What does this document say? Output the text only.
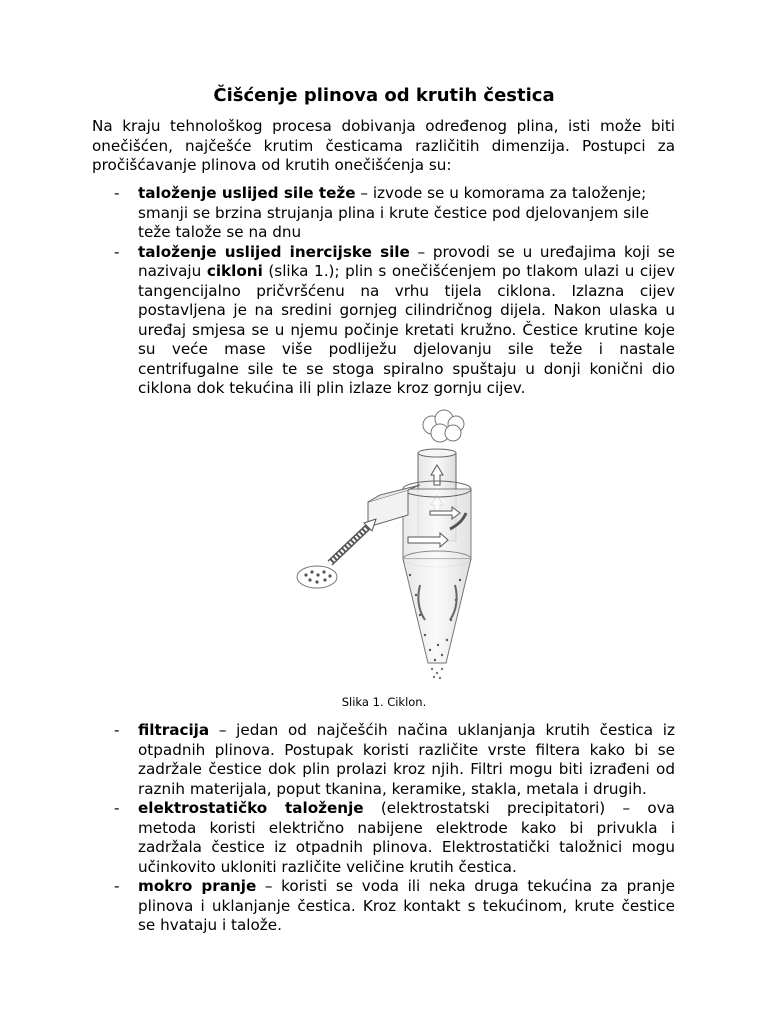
Čišćenje plinova od krutih čestica

Na kraju tehnološkog procesa dobivanja određenog plina, isti može biti onečišćen, najčešće krutim česticama različitih dimenzija. Postupci za pročišćavanje plinova od krutih onečišćenja su:

- taloženje uslijed sile teže – izvode se u komorama za taloženje; smanji se brzina strujanja plina i krute čestice pod djelovanjem sile teže talože se na dnu
- taloženje uslijed inercijske sile – provodi se u uređajima koji se nazivaju cikloni (slika 1.); plin s onečišćenjem po tlakom ulazi u cijev tangencijalno pričvršćenu na vrhu tijela ciklona. Izlazna cijev postavljena je na sredini gornjeg cilindričnog dijela. Nakon ulaska u uređaj smjesa se u njemu počinje kretati kružno. Čestice krutine koje su veće mase više podliježu djelovanju sile teže i nastale centrifugalne sile te se stoga spiralno spuštaju u donji konični dio ciklona dok tekućina ili plin izlaze kroz gornju cijev.
Slika 1. Ciklon.
- filtracija – jedan od najčešćih načina uklanjanja krutih čestica iz otpadnih plinova. Postupak koristi različite vrste filtera kako bi se zadržale čestice dok plin prolazi kroz njih. Filtri mogu biti izrađeni od raznih materijala, poput tkanina, keramike, stakla, metala i drugih.
- elektrostatičko taloženje (elektrostatski precipitatori) – ova metoda koristi električno nabijene elektrode kako bi privukla i zadržala čestice iz otpadnih plinova. Elektrostatički taložnici mogu učinkovito ukloniti različite veličine krutih čestica.
- mokro pranje – koristi se voda ili neka druga tekućina za pranje plinova i uklanjanje čestica. Kroz kontakt s tekućinom, krute čestice se hvataju i talože.
